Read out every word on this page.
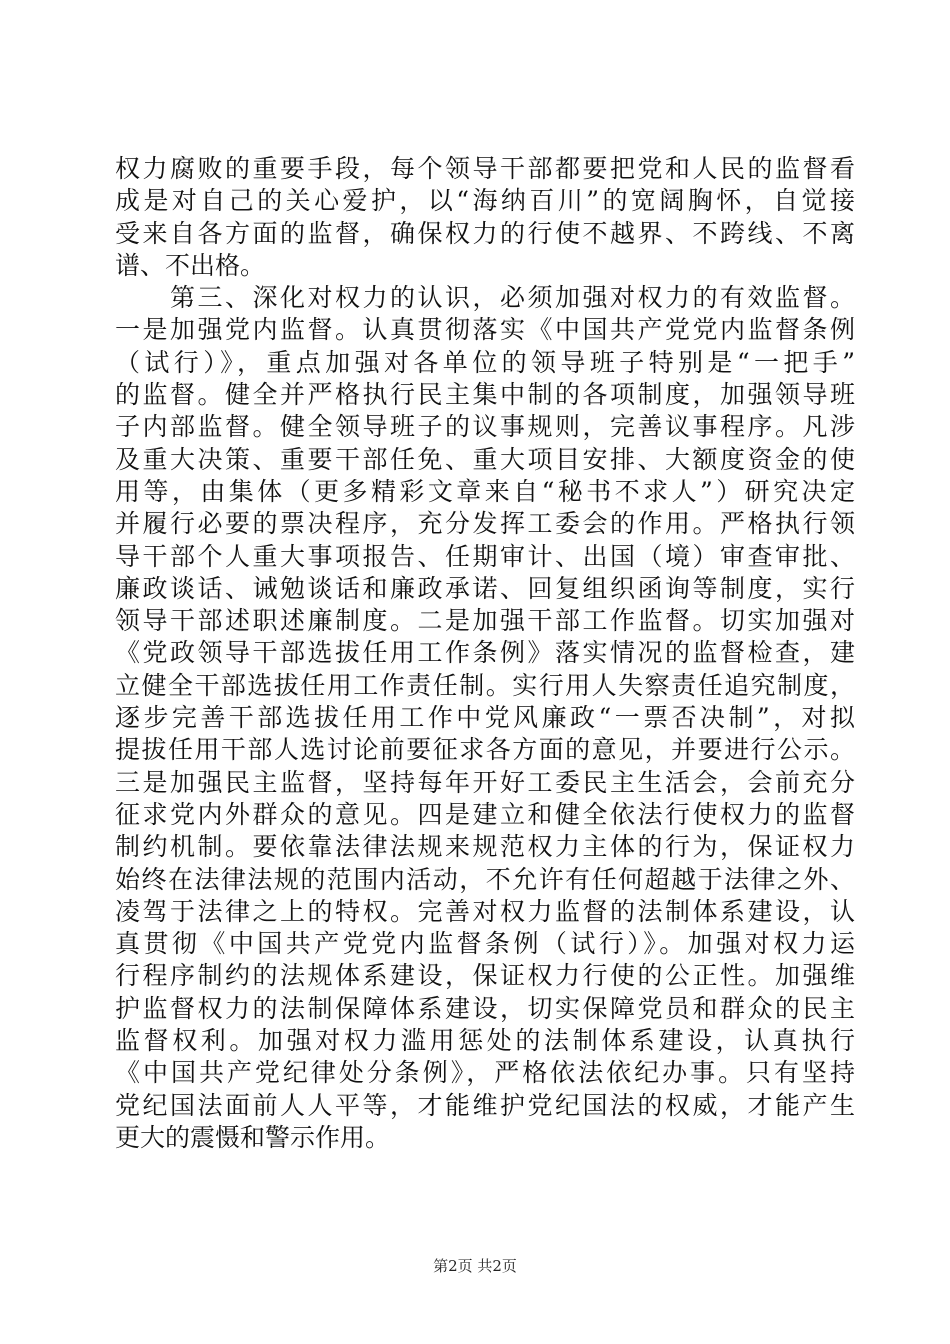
权力腐败的重要手段，每个领导干部都要把党和人民的监督看
成是对自己的关心爱护，以“海纳百川”的宽阔胸怀，自觉接
受来自各方面的监督，确保权力的行使不越界、不跨线、不离
谱、不出格。
　　第三、深化对权力的认识，必须加强对权力的有效监督。
一是加强党内监督。认真贯彻落实《中国共产党党内监督条例
（试行）》，重点加强对各单位的领导班子特别是“一把手”
的监督。健全并严格执行民主集中制的各项制度，加强领导班
子内部监督。健全领导班子的议事规则，完善议事程序。凡涉
及重大决策、重要干部任免、重大项目安排、大额度资金的使
用等，由集体（更多精彩文章来自“秘书不求人”）研究决定
并履行必要的票决程序，充分发挥工委会的作用。严格执行领
导干部个人重大事项报告、任期审计、出国（境）审查审批、
廉政谈话、诫勉谈话和廉政承诺、回复组织函询等制度，实行
领导干部述职述廉制度。二是加强干部工作监督。切实加强对
《党政领导干部选拔任用工作条例》落实情况的监督检查，建
立健全干部选拔任用工作责任制。实行用人失察责任追究制度，
逐步完善干部选拔任用工作中党风廉政“一票否决制”，对拟
提拔任用干部人选讨论前要征求各方面的意见，并要进行公示。
三是加强民主监督，坚持每年开好工委民主生活会，会前充分
征求党内外群众的意见。四是建立和健全依法行使权力的监督
制约机制。要依靠法律法规来规范权力主体的行为，保证权力
始终在法律法规的范围内活动，不允许有任何超越于法律之外、
凌驾于法律之上的特权。完善对权力监督的法制体系建设，认
真贯彻《中国共产党党内监督条例（试行）》。加强对权力运
行程序制约的法规体系建设，保证权力行使的公正性。加强维
护监督权力的法制保障体系建设，切实保障党员和群众的民主
监督权利。加强对权力滥用惩处的法制体系建设，认真执行
《中国共产党纪律处分条例》，严格依法依纪办事。只有坚持
党纪国法面前人人平等，才能维护党纪国法的权威，才能产生
更大的震慑和警示作用。
第2页 共2页
